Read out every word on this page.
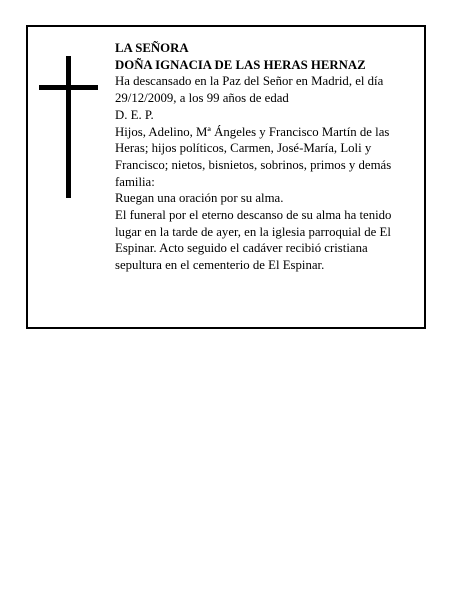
LA SEÑORA

DOÑA IGNACIA DE LAS HERAS HERNAZ

Ha descansado en la Paz del Señor en Madrid, el día 29/12/2009, a los 99 años de edad

D. E. P.

Hijos, Adelino, Mª Ángeles y Francisco Martín de las Heras; hijos políticos, Carmen, José-María, Loli y Francisco; nietos, bisnietos, sobrinos, primos y demás familia:

Ruegan una oración por su alma.

El funeral por el eterno descanso de su alma ha tenido lugar en la tarde de ayer, en la iglesia parroquial de El Espinar. Acto seguido el cadáver recibió cristiana sepultura en el cementerio de El Espinar.
